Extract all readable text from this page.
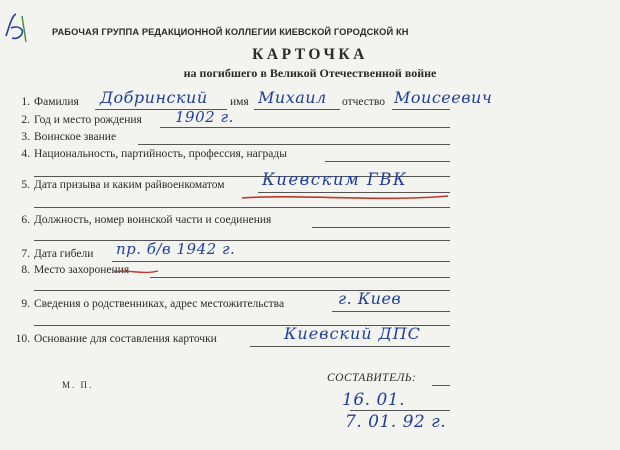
РАБОЧАЯ ГРУППА РЕДАКЦИОННОЙ КОЛЛЕГИИ КИЕВСКОЙ ГОРОДСКОЙ КН
КАРТОЧКА
на погибшего в Великой Отечественной войне
1. Фамилия Добринский имя Михаил отчество Моисеевич
2. Год и место рождения 1902 г.
3. Воинское звание
4. Национальность, партийность, профессия, награды
5. Дата призыва и каким райвоенкоматом Киевским ГВК
6. Должность, номер воинской части и соединения
7. Дата гибели пр. б/в 1942 г.
8. Место захоронения
9. Сведения о родственниках, адрес местожительства	г. Киев
10. Основание для составления карточки	Киевский ДПС
М. П.
СОСТАВИТЕЛЬ:
16. 01.
7. 01. 92 г.
